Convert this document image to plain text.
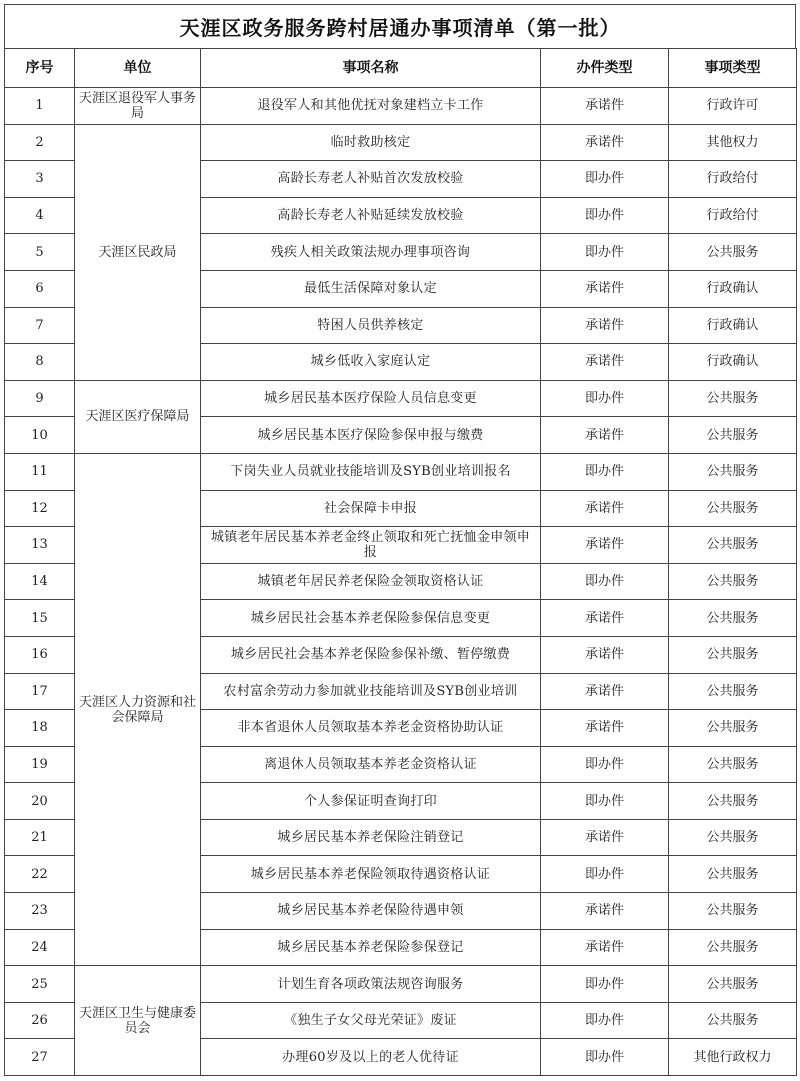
天涯区政务服务跨村居通办事项清单（第一批）
序号	单位	事项名称	办件类型	事项类型
1	天涯区退役军人事务局	退役军人和其他优抚对象建档立卡工作	承诺件	行政许可
2	天涯区民政局	临时救助核定	承诺件	其他权力
3		高龄长寿老人补贴首次发放校验	即办件	行政给付
4		高龄长寿老人补贴延续发放校验	即办件	行政给付
5		残疾人相关政策法规办理事项咨询	即办件	公共服务
6		最低生活保障对象认定	承诺件	行政确认
7		特困人员供养核定	承诺件	行政确认
8		城乡低收入家庭认定	承诺件	行政确认
9	天涯区医疗保障局	城乡居民基本医疗保险人员信息变更	即办件	公共服务
10		城乡居民基本医疗保险参保申报与缴费	承诺件	公共服务
11	天涯区人力资源和社会保障局	下岗失业人员就业技能培训及SYB创业培训报名	即办件	公共服务
12		社会保障卡申报	承诺件	公共服务
13		城镇老年居民基本养老金终止领取和死亡抚恤金申领申报	承诺件	公共服务
14		城镇老年居民养老保险金领取资格认证	即办件	公共服务
15		城乡居民社会基本养老保险参保信息变更	承诺件	公共服务
16		城乡居民社会基本养老保险参保补缴、暂停缴费	承诺件	公共服务
17		农村富余劳动力参加就业技能培训及SYB创业培训	承诺件	公共服务
18		非本省退休人员领取基本养老金资格协助认证	承诺件	公共服务
19		离退休人员领取基本养老金资格认证	即办件	公共服务
20		个人参保证明查询打印	即办件	公共服务
21		城乡居民基本养老保险注销登记	承诺件	公共服务
22		城乡居民基本养老保险领取待遇资格认证	即办件	公共服务
23		城乡居民基本养老保险待遇申领	承诺件	公共服务
24		城乡居民基本养老保险参保登记	承诺件	公共服务
25	天涯区卫生与健康委员会	计划生育各项政策法规咨询服务	即办件	公共服务
26		《独生子女父母光荣证》废证	即办件	公共服务
27		办理60岁及以上的老人优待证	即办件	其他行政权力
